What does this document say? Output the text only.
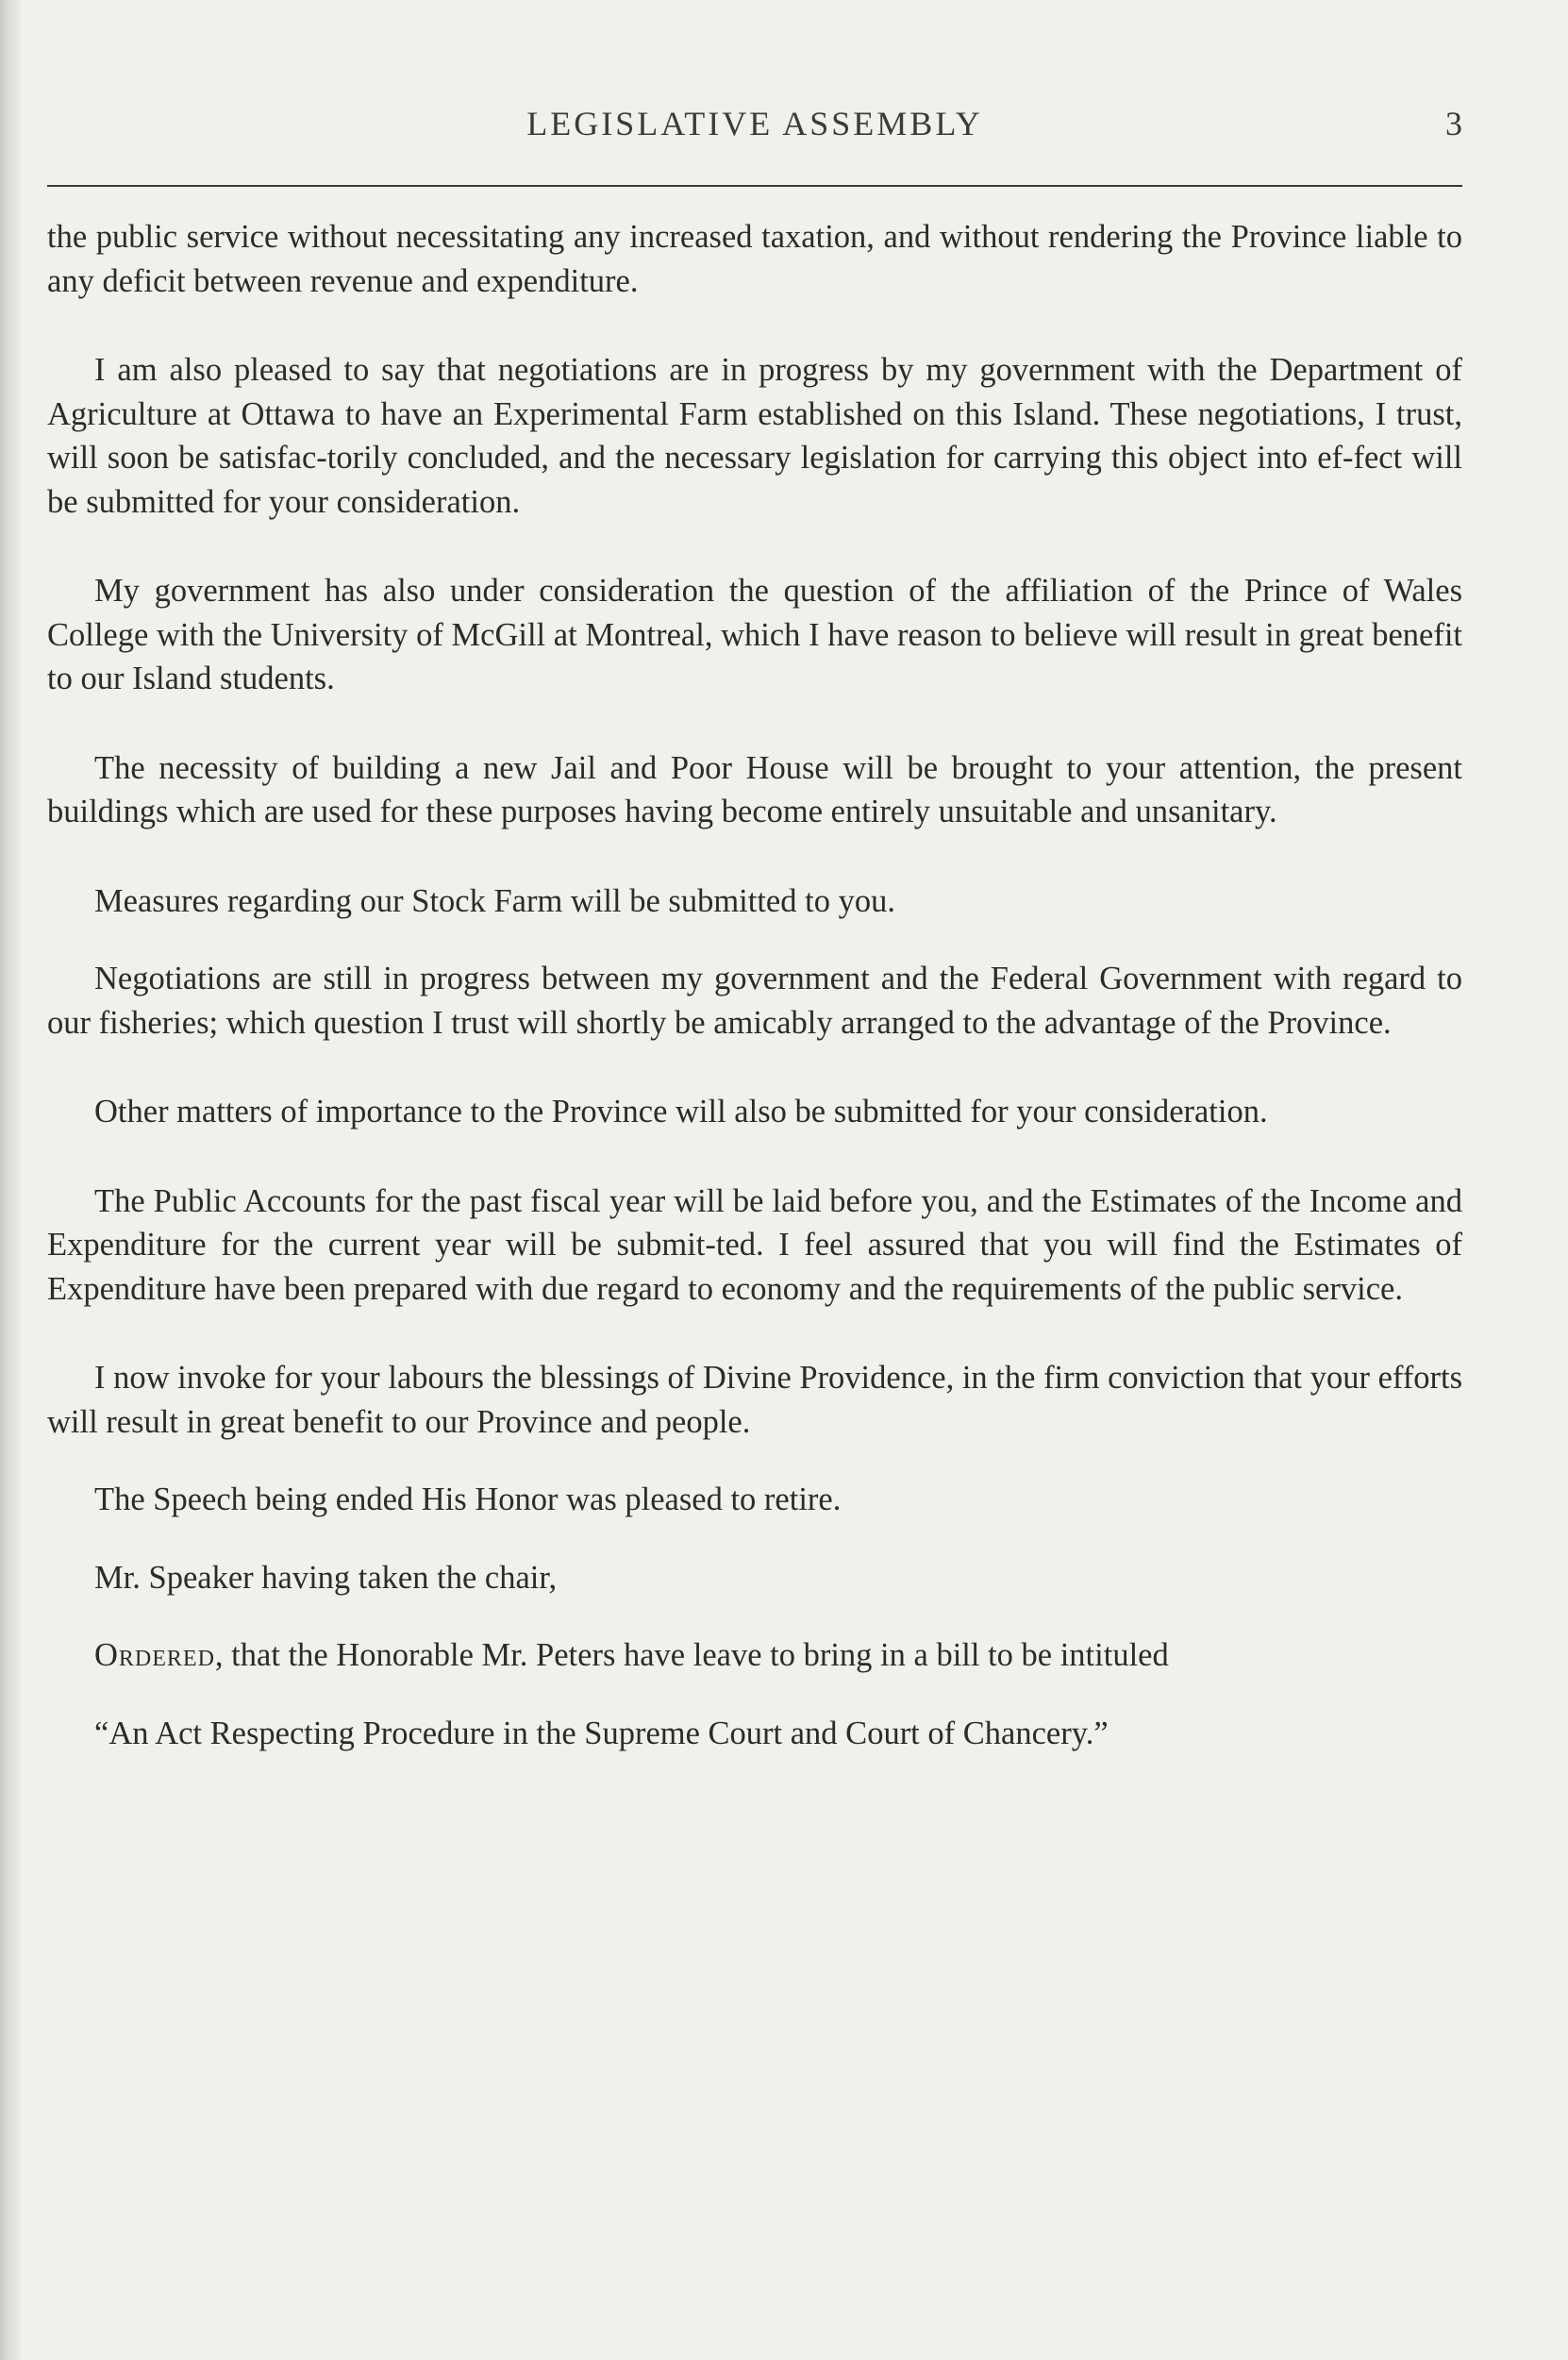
LEGISLATIVE ASSEMBLY	3

the public service without necessitating any increased taxation, and without rendering the Province liable to any deficit between revenue and expenditure.

I am also pleased to say that negotiations are in progress by my government with the Department of Agriculture at Ottawa to have an Experimental Farm established on this Island. These negotiations, I trust, will soon be satisfac-torily concluded, and the necessary legislation for carrying this object into ef-fect will be submitted for your consideration.

My government has also under consideration the question of the affiliation of the Prince of Wales College with the University of McGill at Montreal, which I have reason to believe will result in great benefit to our Island students.

The necessity of building a new Jail and Poor House will be brought to your attention, the present buildings which are used for these purposes having become entirely unsuitable and unsanitary.

Measures regarding our Stock Farm will be submitted to you.

Negotiations are still in progress between my government and the Federal Government with regard to our fisheries; which question I trust will shortly be amicably arranged to the advantage of the Province.

Other matters of importance to the Province will also be submitted for your consideration.

The Public Accounts for the past fiscal year will be laid before you, and the Estimates of the Income and Expenditure for the current year will be submit-ted. I feel assured that you will find the Estimates of Expenditure have been prepared with due regard to economy and the requirements of the public service.

I now invoke for your labours the blessings of Divine Providence, in the firm conviction that your efforts will result in great benefit to our Province and people.

The Speech being ended His Honor was pleased to retire.

Mr. Speaker having taken the chair,

Ordered, that the Honorable Mr. Peters have leave to bring in a bill to be intituled

“An Act Respecting Procedure in the Supreme Court and Court of Chancery.”
